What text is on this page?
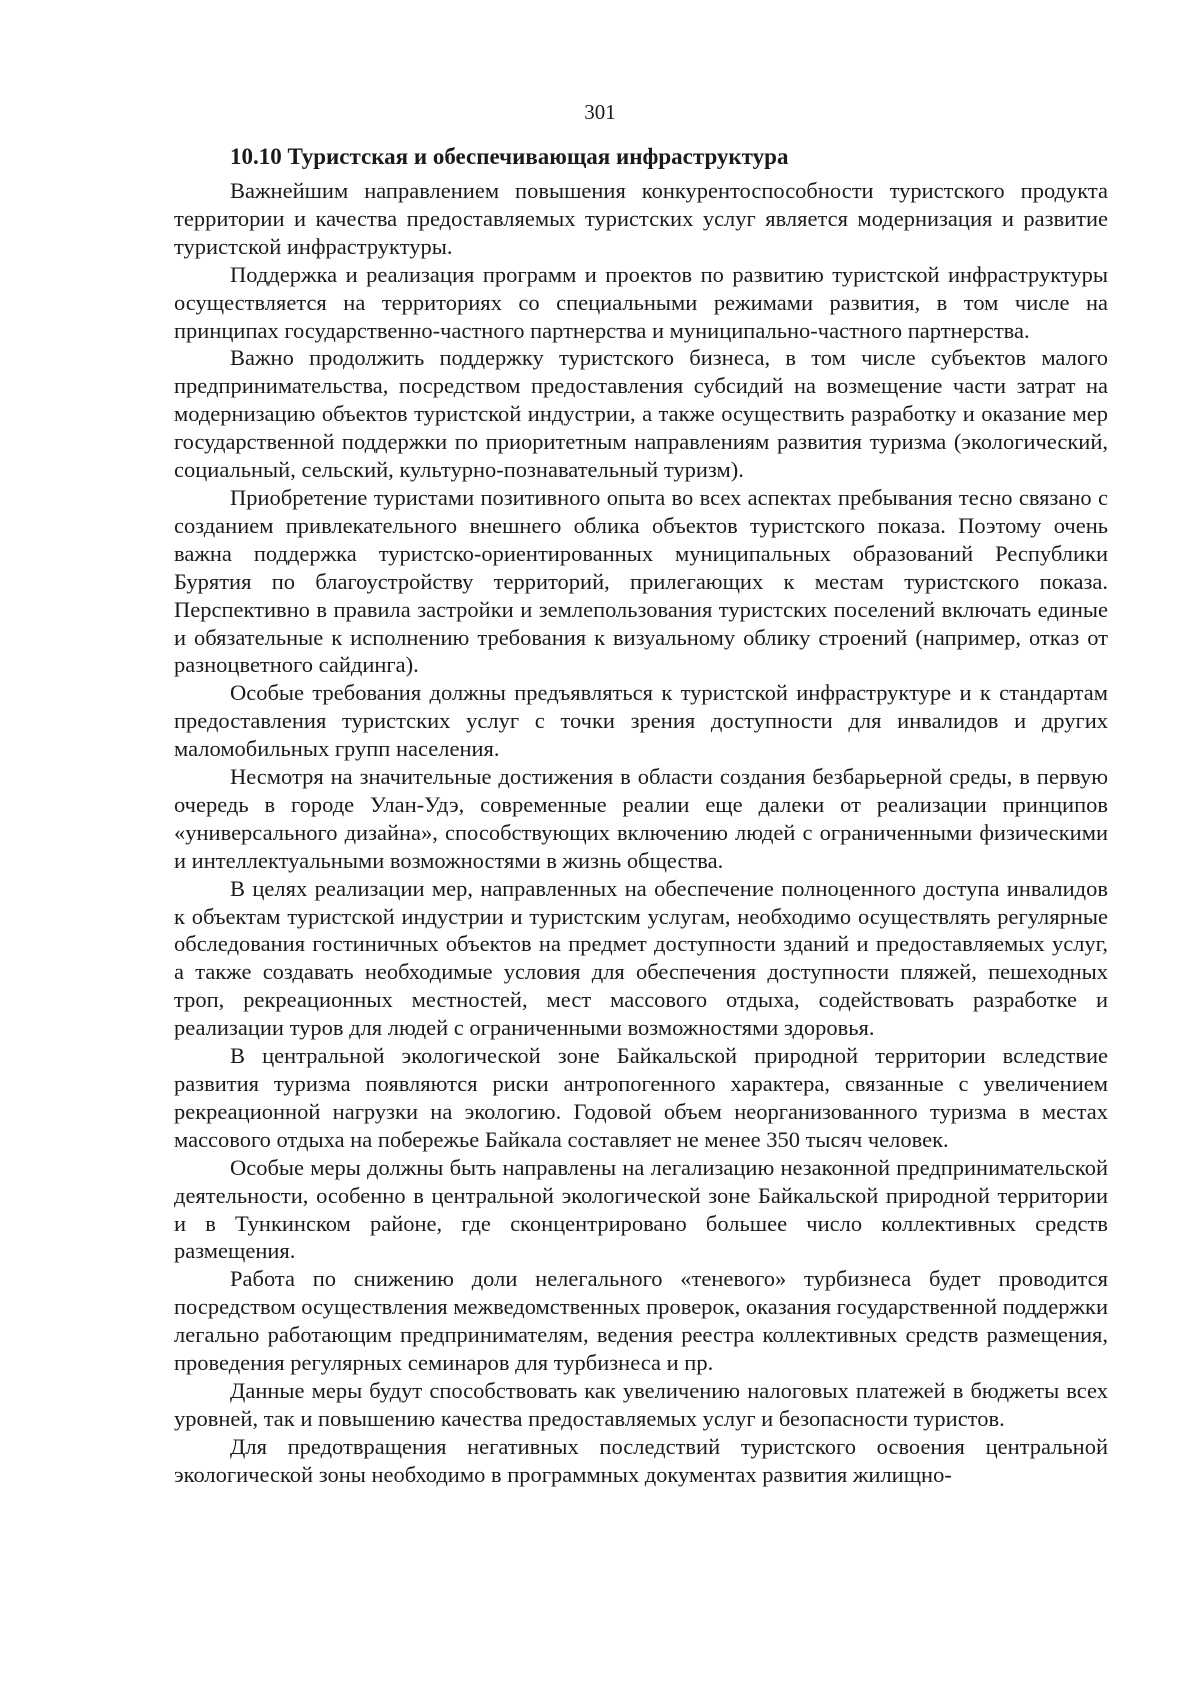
301
10.10 Туристская и обеспечивающая инфраструктура

Важнейшим направлением повышения конкурентоспособности туристского продукта территории и качества предоставляемых туристских услуг является модернизация и развитие туристской инфраструктуры.

Поддержка и реализация программ и проектов по развитию туристской инфраструктуры осуществляется на территориях со специальными режимами развития, в том числе на принципах государственно-частного партнерства и муниципально-частного партнерства.

Важно продолжить поддержку туристского бизнеса, в том числе субъектов малого предпринимательства, посредством предоставления субсидий на возмещение части затрат на модернизацию объектов туристской индустрии, а также осуществить разработку и оказание мер государственной поддержки по приоритетным направлениям развития туризма (экологический, социальный, сельский, культурно-познавательный туризм).

Приобретение туристами позитивного опыта во всех аспектах пребывания тесно связано с созданием привлекательного внешнего облика объектов туристского показа. Поэтому очень важна поддержка туристско-ориентированных муниципальных образований Республики Бурятия по благоустройству территорий, прилегающих к местам туристского показа. Перспективно в правила застройки и землепользования туристских поселений включать единые и обязательные к исполнению требования к визуальному облику строений (например, отказ от разноцветного сайдинга).

Особые требования должны предъявляться к туристской инфраструктуре и к стандартам предоставления туристских услуг с точки зрения доступности для инвалидов и других маломобильных групп населения.

Несмотря на значительные достижения в области создания безбарьерной среды, в первую очередь в городе Улан-Удэ, современные реалии еще далеки от реализации принципов «универсального дизайна», способствующих включению людей с ограниченными физическими и интеллектуальными возможностями в жизнь общества.

В целях реализации мер, направленных на обеспечение полноценного доступа инвалидов к объектам туристской индустрии и туристским услугам, необходимо осуществлять регулярные обследования гостиничных объектов на предмет доступности зданий и предоставляемых услуг, а также создавать необходимые условия для обеспечения доступности пляжей, пешеходных троп, рекреационных местностей, мест массового отдыха, содействовать разработке и реализации туров для людей с ограниченными возможностями здоровья.

В центральной экологической зоне Байкальской природной территории вследствие развития туризма появляются риски антропогенного характера, связанные с увеличением рекреационной нагрузки на экологию. Годовой объем неорганизованного туризма в местах массового отдыха на побережье Байкала составляет не менее 350 тысяч человек.

Особые меры должны быть направлены на легализацию незаконной предпринимательской деятельности, особенно в центральной экологической зоне Байкальской природной территории и в Тункинском районе, где сконцентрировано большее число коллективных средств размещения.

Работа по снижению доли нелегального «теневого» турбизнеса будет проводится посредством осуществления межведомственных проверок, оказания государственной поддержки легально работающим предпринимателям, ведения реестра коллективных средств размещения, проведения регулярных семинаров для турбизнеса и пр.

Данные меры будут способствовать как увеличению налоговых платежей в бюджеты всех уровней, так и повышению качества предоставляемых услуг и безопасности туристов.

Для предотвращения негативных последствий туристского освоения центральной экологической зоны необходимо в программных документах развития жилищно-
